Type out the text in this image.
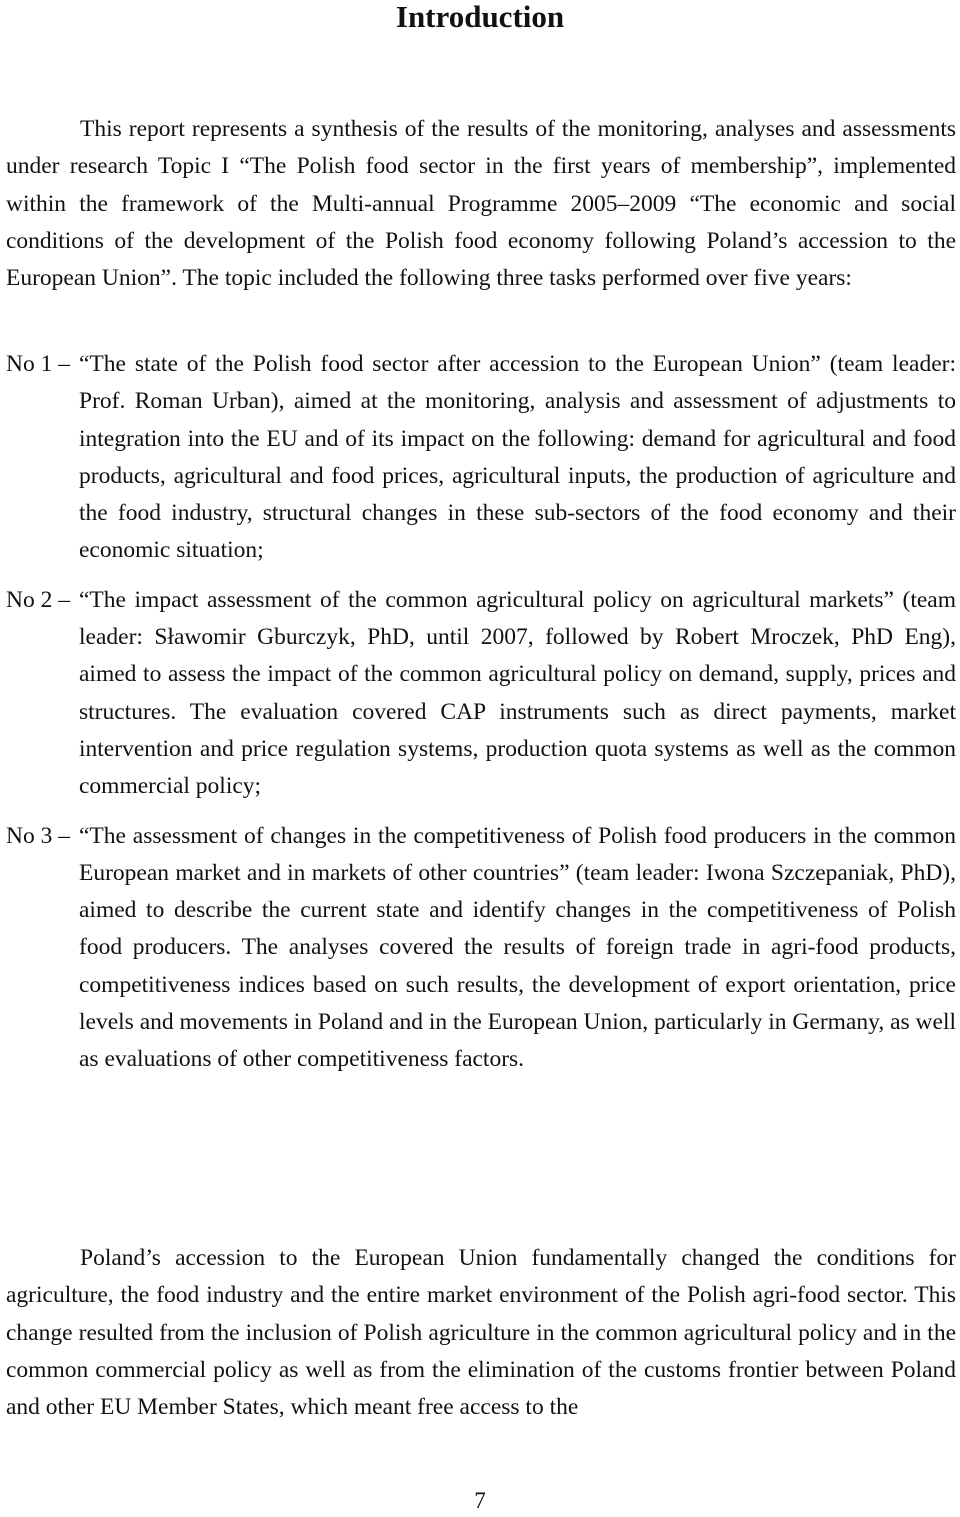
Introduction

This report represents a synthesis of the results of the monitoring, analyses and assessments under research Topic I “The Polish food sector in the first years of membership”, implemented within the framework of the Multi-annual Programme 2005–2009 “The economic and social conditions of the development of the Polish food economy following Poland’s accession to the European Union”. The topic included the following three tasks performed over five years:

No 1 – “The state of the Polish food sector after accession to the European Union” (team leader: Prof. Roman Urban), aimed at the monitoring, analysis and assessment of adjustments to integration into the EU and of its impact on the following: demand for agricultural and food products, agricultural and food prices, agricultural inputs, the production of agriculture and the food industry, structural changes in these sub-sectors of the food economy and their economic situation;
No 2 – “The impact assessment of the common agricultural policy on agricultural markets” (team leader: Sławomir Gburczyk, PhD, until 2007, followed by Robert Mroczek, PhD Eng), aimed to assess the impact of the common agricultural policy on demand, supply, prices and structures. The evaluation covered CAP instruments such as direct payments, market intervention and price regulation systems, production quota systems as well as the common commercial policy;
No 3 – “The assessment of changes in the competitiveness of Polish food producers in the common European market and in markets of other countries” (team leader: Iwona Szczepaniak, PhD), aimed to describe the current state and identify changes in the competitiveness of Polish food producers. The analyses covered the results of foreign trade in agri-food products, competitiveness indices based on such results, the development of export orientation, price levels and movements in Poland and in the European Union, particularly in Germany, as well as evaluations of other competitiveness factors.

Poland’s accession to the European Union fundamentally changed the conditions for agriculture, the food industry and the entire market environment of the Polish agri-food sector. This change resulted from the inclusion of Polish agriculture in the common agricultural policy and in the common commercial policy as well as from the elimination of the customs frontier between Poland and other EU Member States, which meant free access to the

7
